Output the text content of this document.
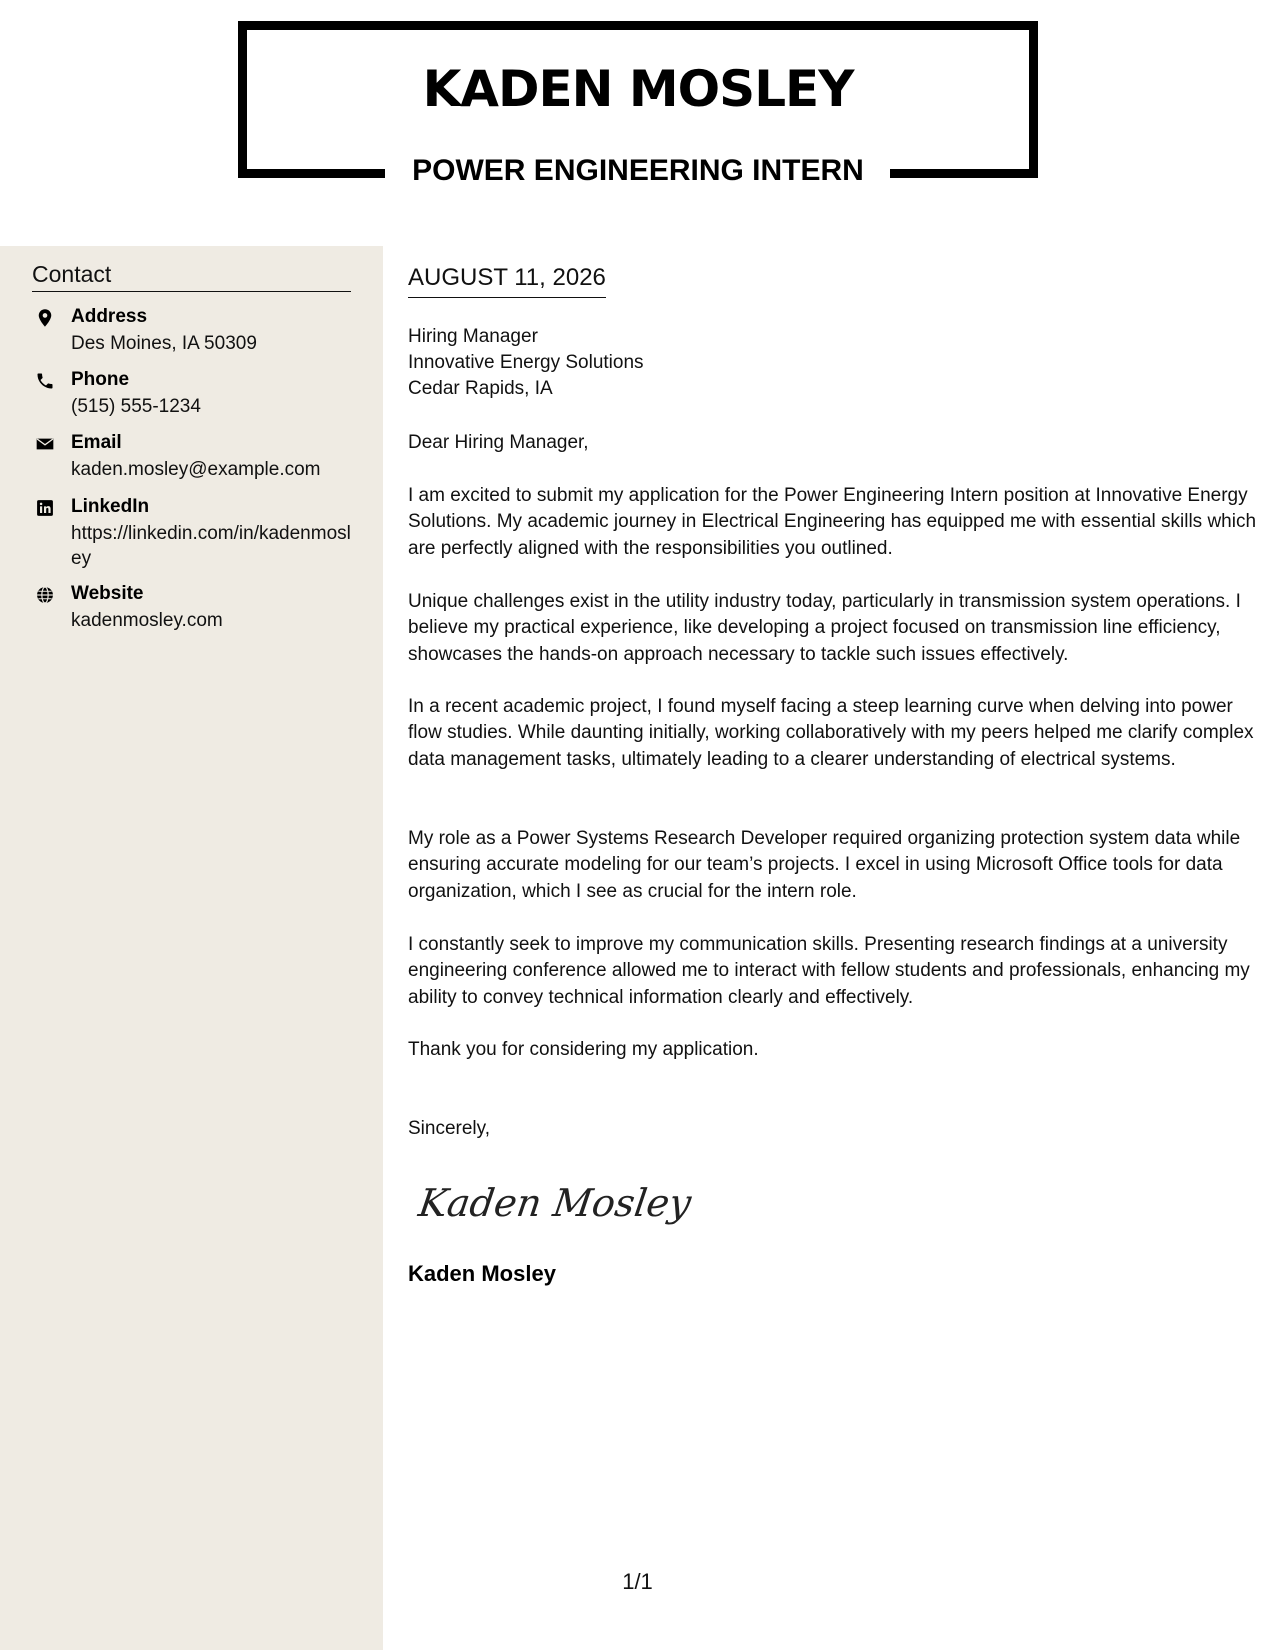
KADEN MOSLEY
POWER ENGINEERING INTERN
Contact
Address
Des Moines, IA 50309
Phone
(515) 555-1234
Email
kaden.mosley@example.com
LinkedIn
https://linkedin.com/in/kadenmosley
Website
kadenmosley.com
AUGUST 11, 2026
Hiring Manager
Innovative Energy Solutions
Cedar Rapids, IA
Dear Hiring Manager,
I am excited to submit my application for the Power Engineering Intern position at Innovative Energy Solutions. My academic journey in Electrical Engineering has equipped me with essential skills which are perfectly aligned with the responsibilities you outlined.
Unique challenges exist in the utility industry today, particularly in transmission system operations. I believe my practical experience, like developing a project focused on transmission line efficiency, showcases the hands-on approach necessary to tackle such issues effectively.
In a recent academic project, I found myself facing a steep learning curve when delving into power flow studies. While daunting initially, working collaboratively with my peers helped me clarify complex data management tasks, ultimately leading to a clearer understanding of electrical systems.
My role as a Power Systems Research Developer required organizing protection system data while ensuring accurate modeling for our team’s projects. I excel in using Microsoft Office tools for data organization, which I see as crucial for the intern role.
I constantly seek to improve my communication skills. Presenting research findings at a university engineering conference allowed me to interact with fellow students and professionals, enhancing my ability to convey technical information clearly and effectively.
Thank you for considering my application.
Sincerely,
Kaden Mosley
Kaden Mosley
1/1
